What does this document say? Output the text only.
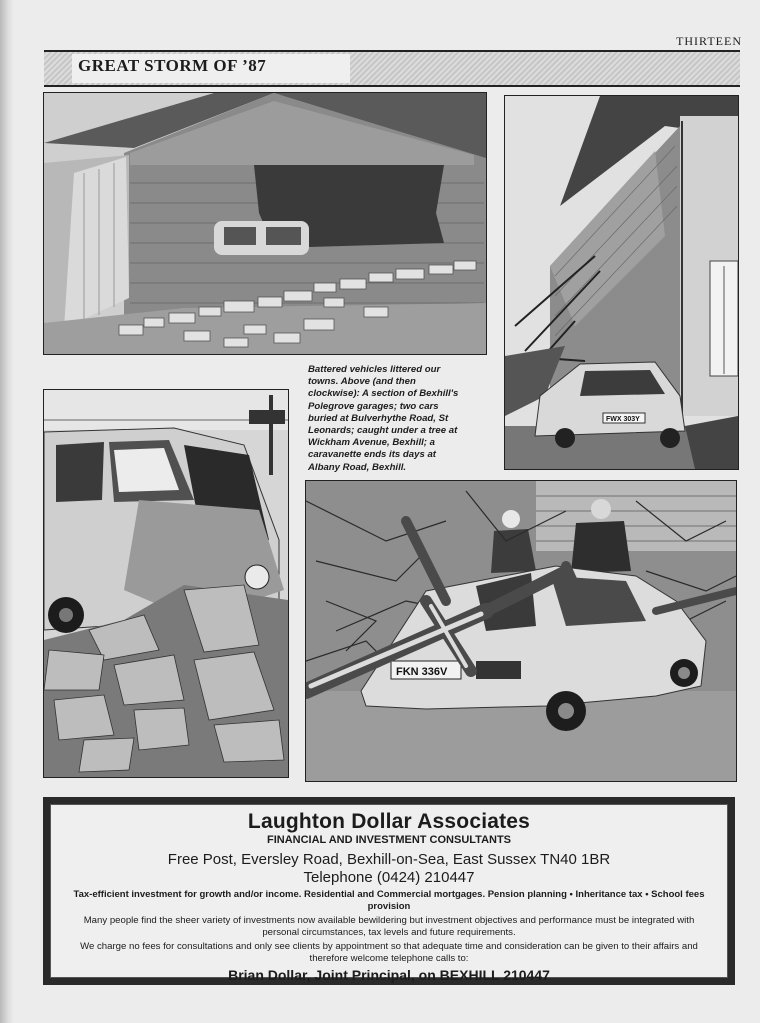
THIRTEEN
GREAT STORM OF ’87
FWX 303Y
Battered vehicles littered our towns. Above (and then clockwise): A section of Bexhill's Polegrove garages; two cars buried at Bulverhythe Road, St Leonards; caught under a tree at Wickham Avenue, Bexhill; a caravanette ends its days at Albany Road, Bexhill.
FKN 336V
Laughton Dollar Associates
FINANCIAL AND INVESTMENT CONSULTANTS
Free Post, Eversley Road, Bexhill-on-Sea, East Sussex TN40 1BR
Telephone (0424) 210447
Tax-efficient investment for growth and/or income. Residential and Commercial mortgages. Pension planning • Inheritance tax • School fees provision
Many people find the sheer variety of investments now available bewildering but investment objectives and performance must be integrated with personal circumstances, tax levels and future requirements.
We charge no fees for consultations and only see clients by appointment so that adequate time and consideration can be given to their affairs and therefore welcome telephone calls to:
Brian Dollar, Joint Principal, on BEXHILL 210447
